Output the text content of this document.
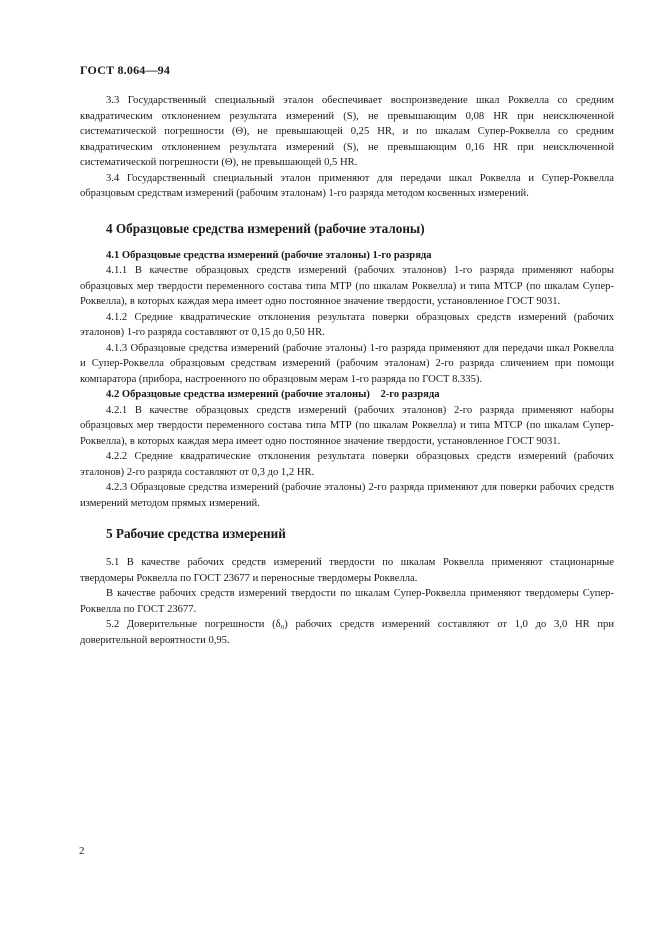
ГОСТ 8.064—94

3.3 Государственный специальный эталон обеспечивает воспроизведение шкал Роквелла со средним квадратическим отклонением результата измерений (S), не превышающим 0,08 HR при неисключенной систематической погрешности (Θ), не превышающей 0,25 HR, и по шкалам Супер-Роквелла со средним квадратическим отклонением результата измерений (S), не превышающим 0,16 HR при неисключенной систематической погрешности (Θ), не превышающей 0,5 HR.

3.4 Государственный специальный эталон применяют для передачи шкал Роквелла и Супер-Роквелла образцовым средствам измерений (рабочим эталонам) 1-го разряда методом косвенных измерений.

4 Образцовые средства измерений (рабочие эталоны)
4.1 Образцовые средства измерений (рабочие эталоны) 1-го разряда

4.1.1 В качестве образцовых средств измерений (рабочих эталонов) 1-го разряда применяют наборы образцовых мер твердости переменного состава типа МТР (по шкалам Роквелла) и типа МТСР (по шкалам Супер-Роквелла), в которых каждая мера имеет одно постоянное значение твердости, установленное ГОСТ 9031.

4.1.2 Средние квадратические отклонения результата поверки образцовых средств измерений (рабочих эталонов) 1-го разряда составляют от 0,15 до 0,50 HR.

4.1.3 Образцовые средства измерений (рабочие эталоны) 1-го разряда применяют для передачи шкал Роквелла и Супер-Роквелла образцовым средствам измерений (рабочим эталонам) 2-го разряда сличением при помощи компаратора (прибора, настроенного по образцовым мерам 1-го разряда по ГОСТ 8.335).

4.2 Образцовые средства измерений (рабочие эталоны)    2-го разряда

4.2.1 В качестве образцовых средств измерений (рабочих эталонов) 2-го разряда применяют наборы образцовых мер твердости переменного состава типа МТР (по шкалам Роквелла) и типа МТСР (по шкалам Супер-Роквелла), в которых каждая мера имеет одно постоянное значение твердости, установленное ГОСТ 9031.

4.2.2 Средние квадратические отклонения результата поверки образцовых средств измерений (рабочих эталонов) 2-го разряда составляют от 0,3 до 1,2 HR.

4.2.3 Образцовые средства измерений (рабочие эталоны) 2-го разряда применяют для поверки рабочих средств измерений методом прямых измерений.

5 Рабочие средства измерений

5.1 В качестве рабочих средств измерений твердости по шкалам Роквелла применяют стационарные твердомеры Роквелла по ГОСТ 23677 и переносные твердомеры Роквелла.

В качестве рабочих средств измерений твердости по шкалам Супер-Роквелла применяют твердомеры Супер-Роквелла по ГОСТ 23677.

5.2 Доверительные погрешности (δ₀) рабочих средств измерений составляют от 1,0 до 3,0 HR при доверительной вероятности 0,95.

2
